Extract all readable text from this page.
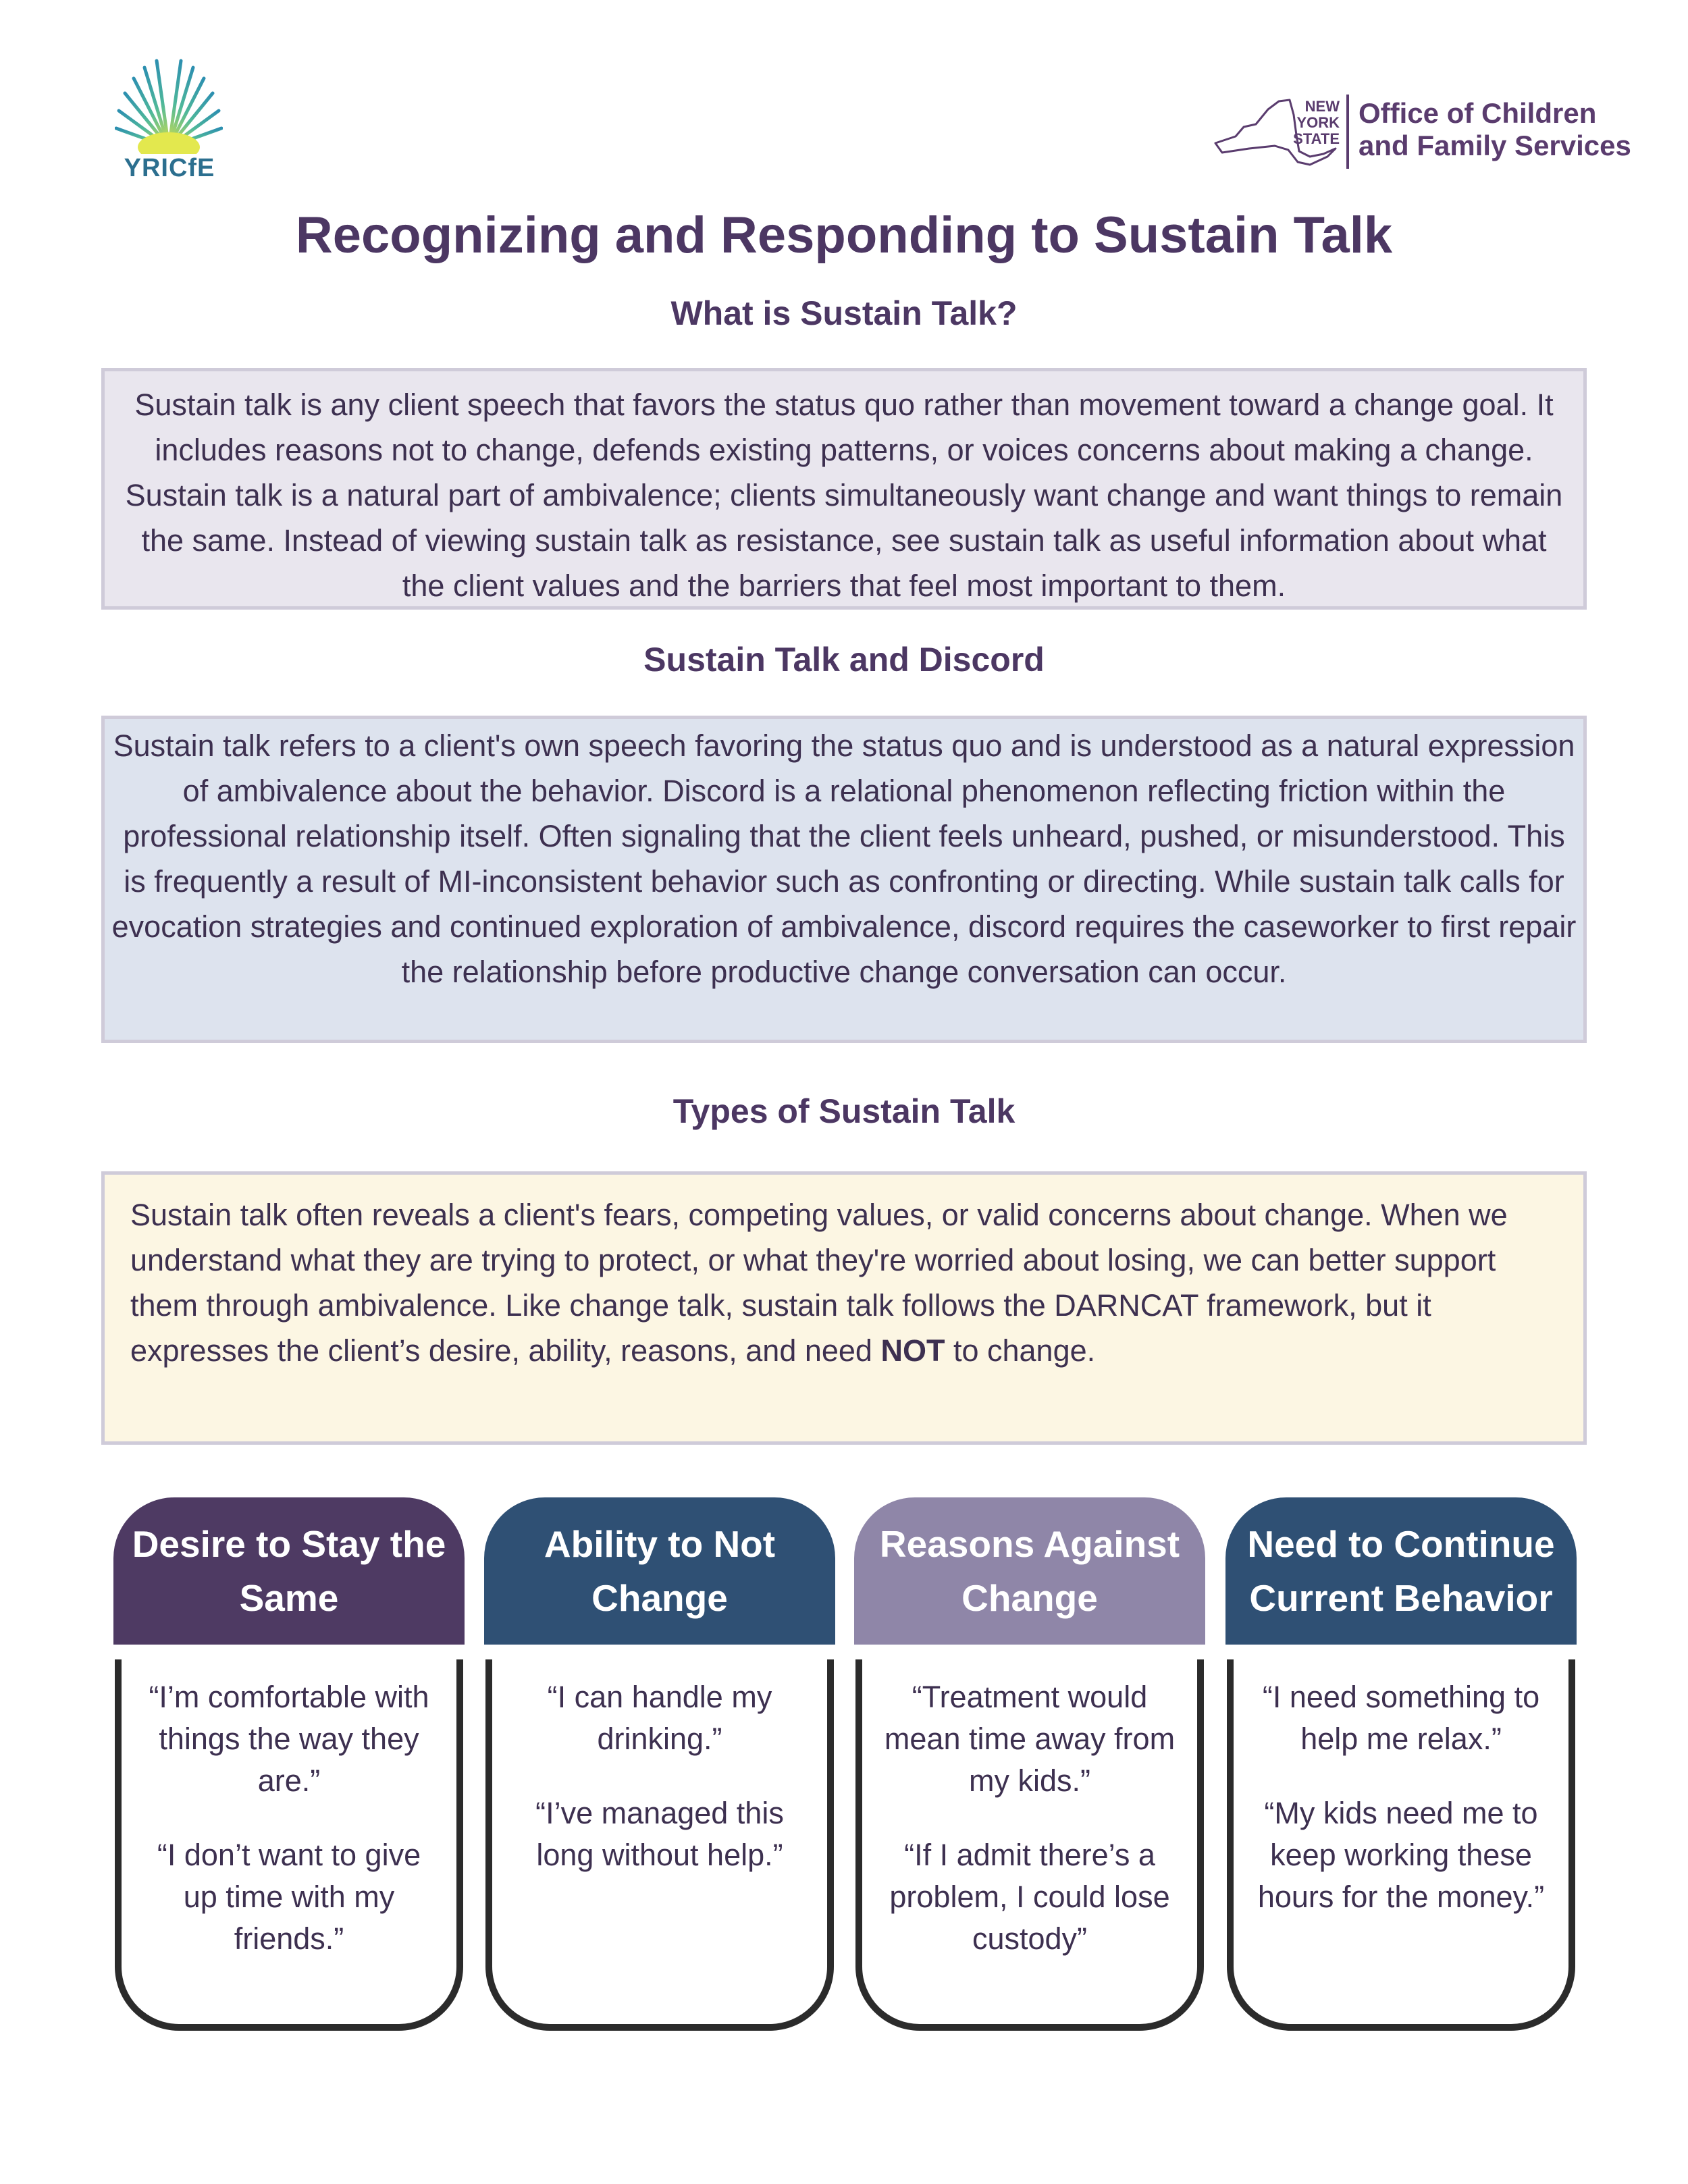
YRICfE
NEW YORK STATE
Office of Children
and Family Services
Recognizing and Responding to Sustain Talk
What is Sustain Talk?

Sustain talk is any client speech that favors the status quo rather than movement toward a change goal. It includes reasons not to change, defends existing patterns, or voices concerns about making a change. Sustain talk is a natural part of ambivalence; clients simultaneously want change and want things to remain the same. Instead of viewing sustain talk as resistance, see sustain talk as useful information about what the client values and the barriers that feel most important to them.

Sustain Talk and Discord

Sustain talk refers to a client's own speech favoring the status quo and is understood as a natural expression of ambivalence about the behavior. Discord is a relational phenomenon reflecting friction within the professional relationship itself. Often signaling that the client feels unheard, pushed, or misunderstood. This is frequently a result of MI-inconsistent behavior such as confronting or directing. While sustain talk calls for evocation strategies and continued exploration of ambivalence, discord requires the caseworker to first repair the relationship before productive change conversation can occur.

Types of Sustain Talk

Sustain talk often reveals a client's fears, competing values, or valid concerns about change. When we understand what they are trying to protect, or what they're worried about losing, we can better support them through ambivalence. Like change talk, sustain talk follows the DARNCAT framework, but it expresses the client’s desire, ability, reasons, and need NOT to change.

Desire to Stay the Same

“I’m comfortable with things the way they are.”

“I don’t want to give up time with my friends.”

Ability to Not Change

“I can handle my drinking.”

“I’ve managed this long without help.”

Reasons Against Change

“Treatment would mean time away from my kids.”

“If I admit there’s a problem, I could lose custody”

Need to Continue Current Behavior

“I need something to help me relax.”

“My kids need me to keep working these hours for the money.”
